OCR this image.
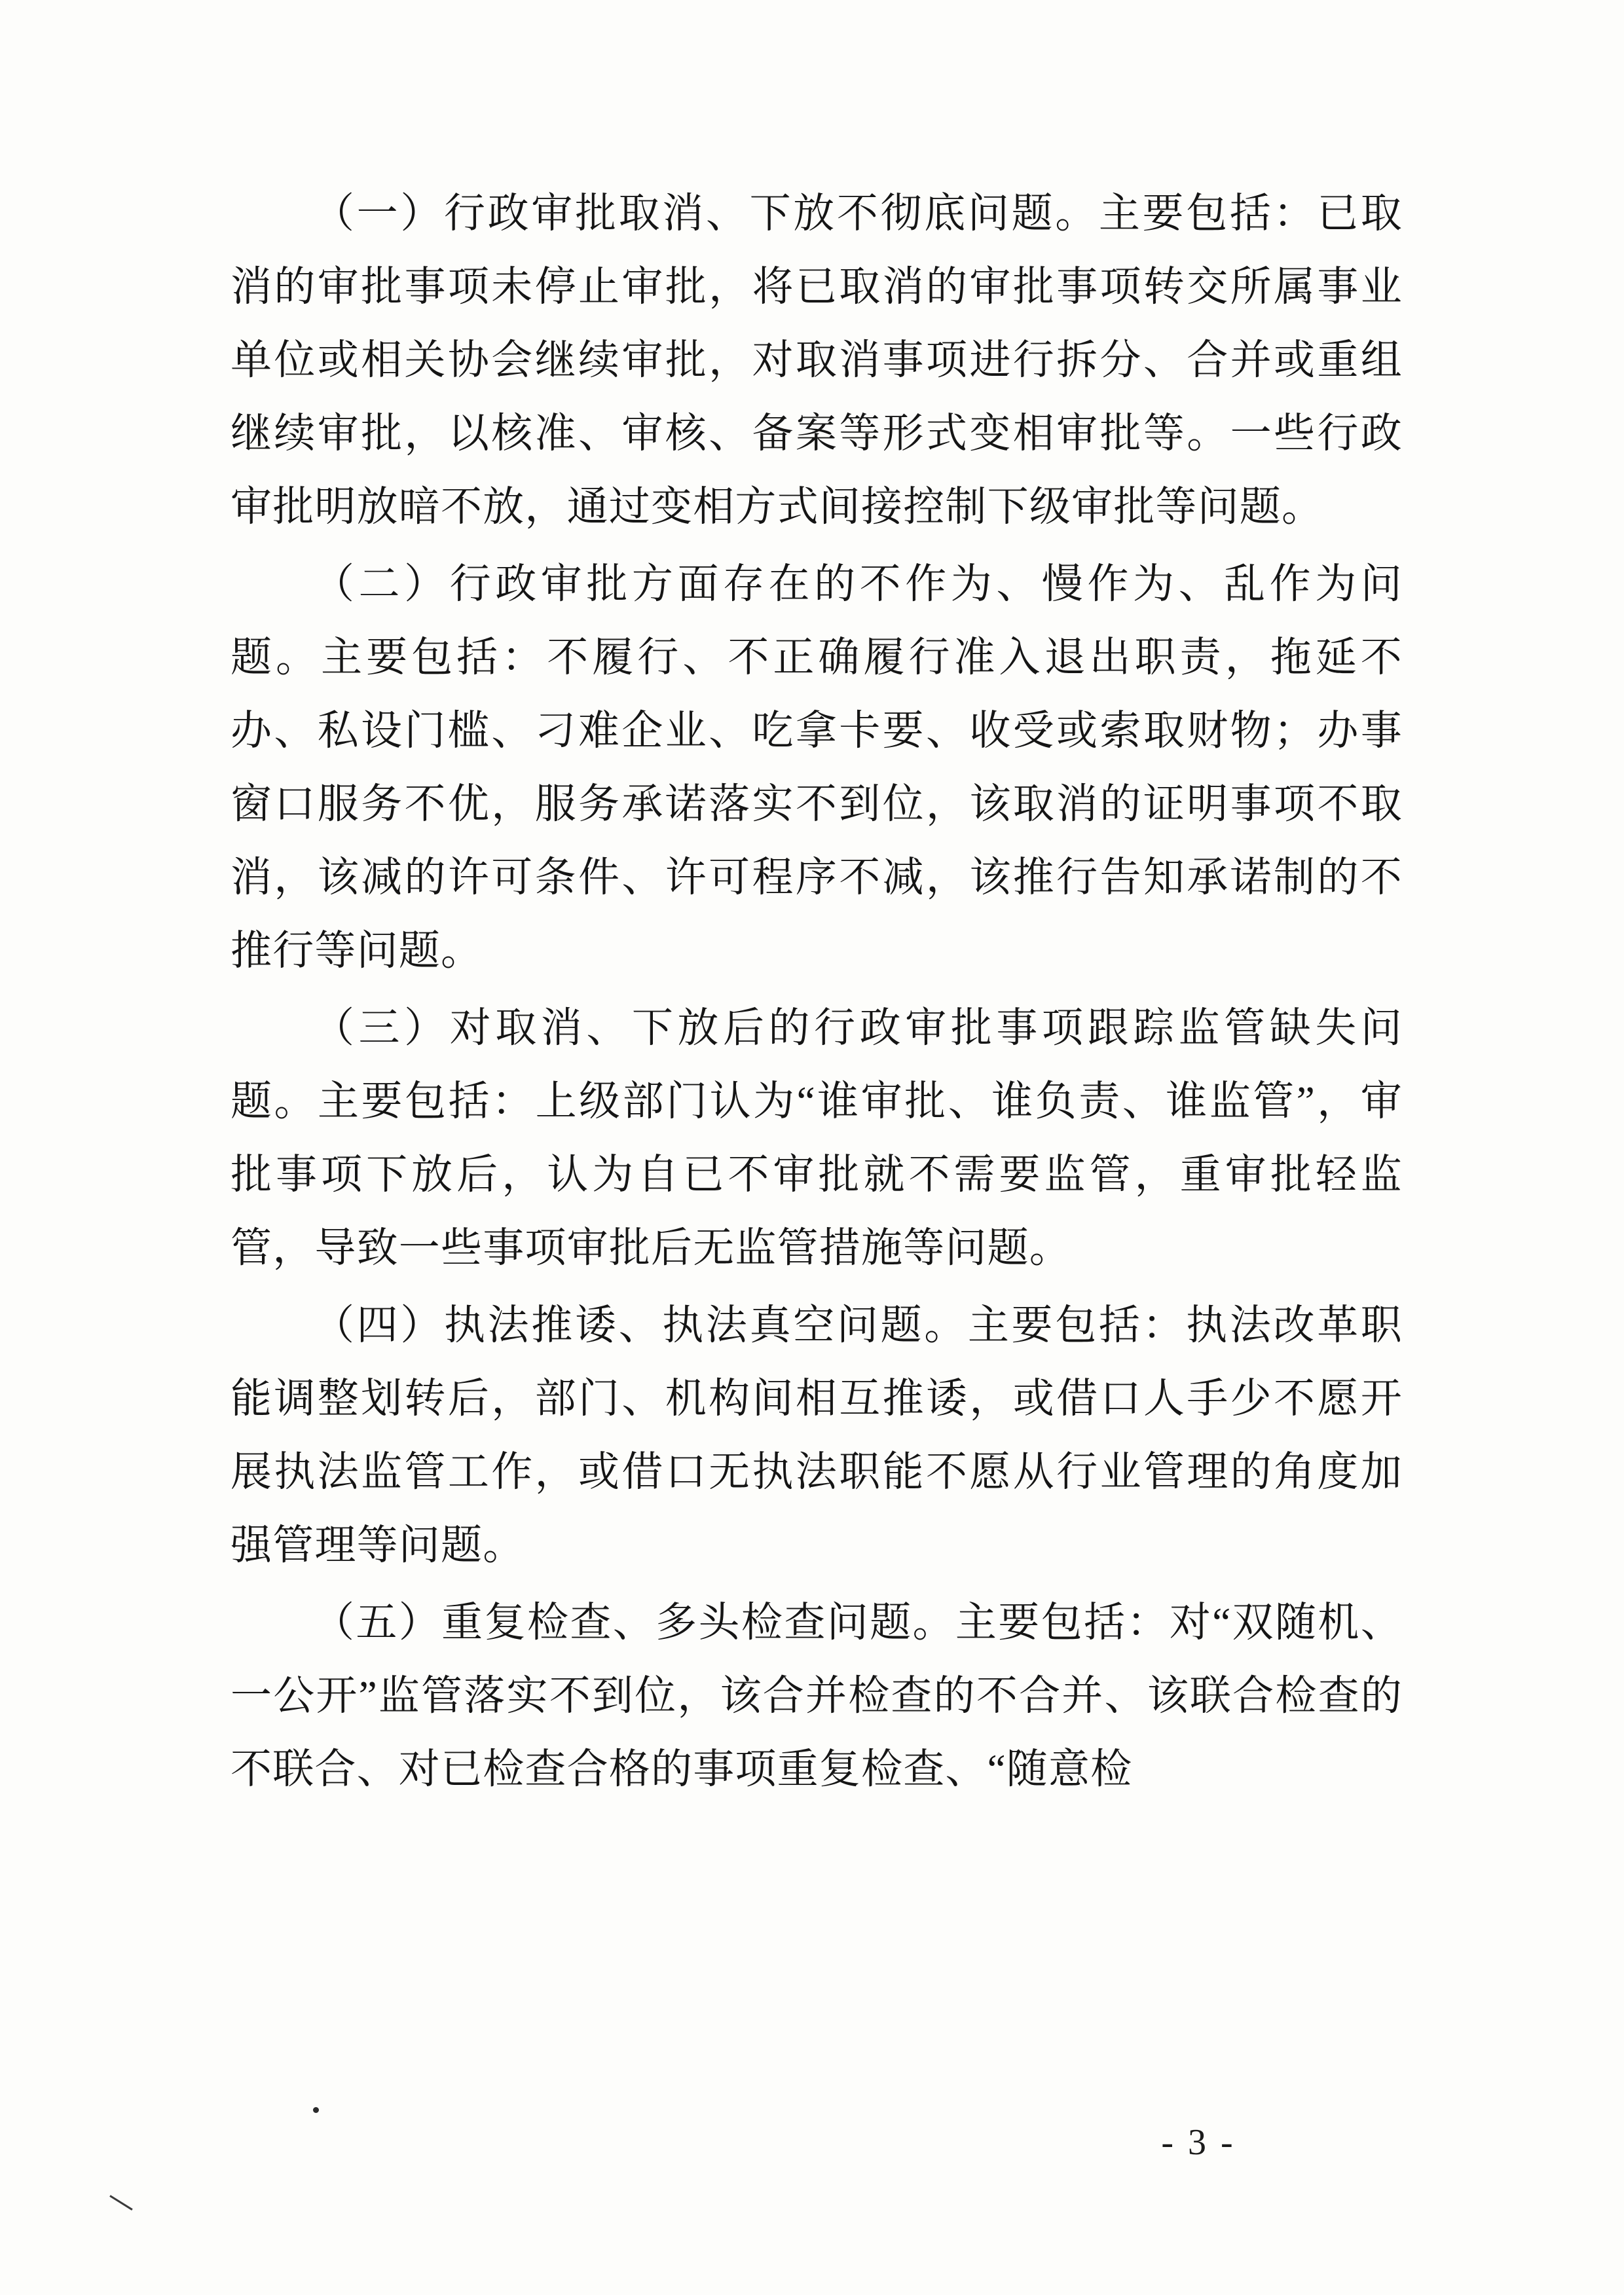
（一）行政审批取消、下放不彻底问题。主要包括：已取消的审批事项未停止审批，将已取消的审批事项转交所属事业单位或相关协会继续审批，对取消事项进行拆分、合并或重组继续审批，以核准、审核、备案等形式变相审批等。一些行政审批明放暗不放，通过变相方式间接控制下级审批等问题。

（二）行政审批方面存在的不作为、慢作为、乱作为问题。主要包括：不履行、不正确履行准入退出职责，拖延不办、私设门槛、刁难企业、吃拿卡要、收受或索取财物；办事窗口服务不优，服务承诺落实不到位，该取消的证明事项不取消，该减的许可条件、许可程序不减，该推行告知承诺制的不推行等问题。

（三）对取消、下放后的行政审批事项跟踪监管缺失问题。主要包括：上级部门认为“谁审批、谁负责、谁监管”，审批事项下放后，认为自已不审批就不需要监管，重审批轻监管，导致一些事项审批后无监管措施等问题。

（四）执法推诿、执法真空问题。主要包括：执法改革职能调整划转后，部门、机构间相互推诿，或借口人手少不愿开展执法监管工作，或借口无执法职能不愿从行业管理的角度加强管理等问题。

（五）重复检查、多头检查问题。主要包括：对“双随机、一公开”监管落实不到位，该合并检查的不合并、该联合检查的不联合、对已检查合格的事项重复检查、“随意检

- 3 -
